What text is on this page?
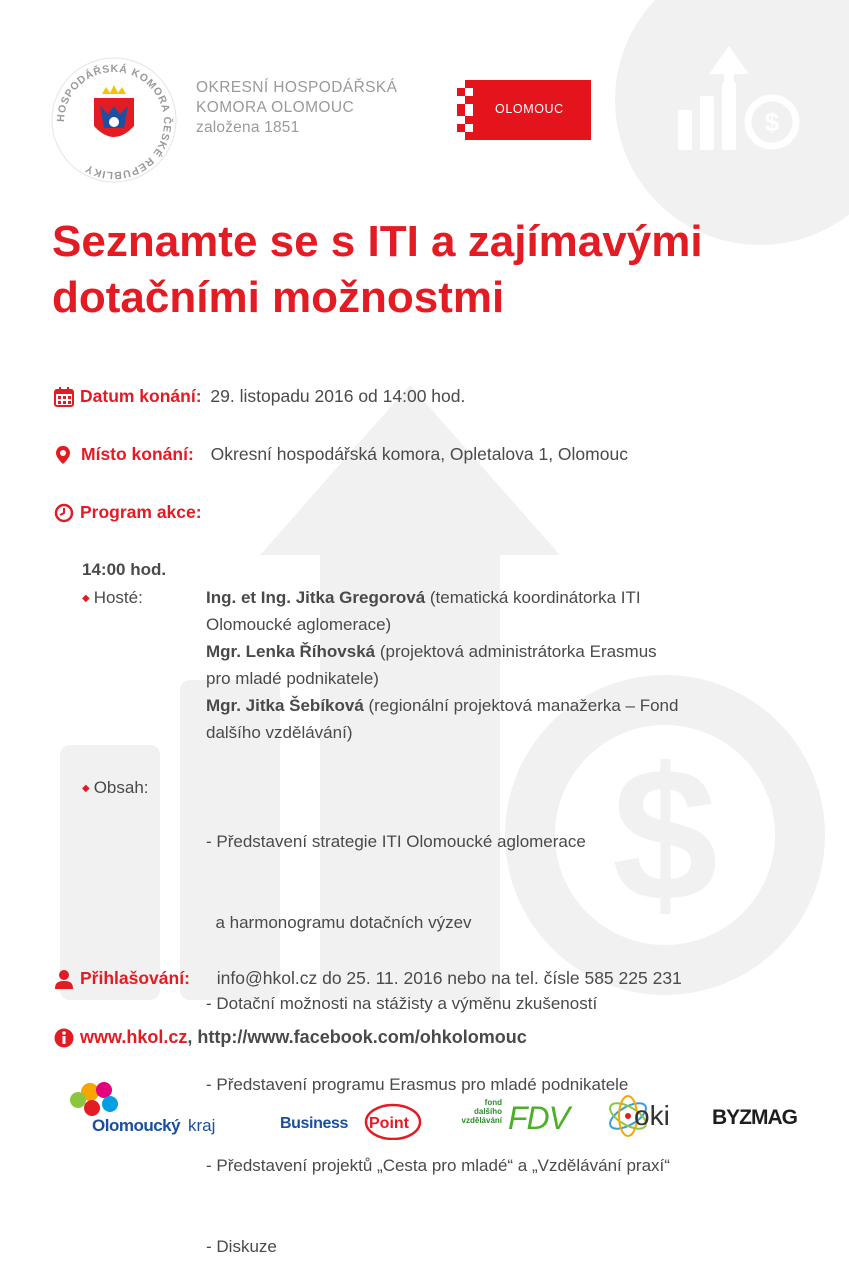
$
$
HOSPODÁŘSKÁ KOMORA ČESKÉ REPUBLIKY
OKRESNÍ HOSPODÁŘSKÁ
KOMORA OLOMOUC
založena 1851
OLOMOUC
Seznamte se s ITI a zajímavými
dotačními možnostmi
Datum konání: 29. listopadu 2016 od 14:00 hod.
Místo konání: Okresní hospodářská komora, Opletalova 1, Olomouc
Program akce:
14:00 hod.
◆ Hosté:	Ing. et Ing. Jitka Gregorová (tematická koordinátorka ITI
Olomoucké aglomerace)
Mgr. Lenka Říhovská (projektová administrátorka Erasmus
pro mladé podnikatele)
Mgr. Jitka Šebíková (regionální projektová manažerka – Fond
dalšího vzdělávání)
◆ Obsah:

- Představení strategie ITI Olomoucké aglomerace

a harmonogramu dotačních výzev

- Dotační možnosti na stážisty a výměnu zkušeností

- Představení programu Erasmus pro mladé podnikatele

- Představení projektů „Cesta pro mladé“ a „Vzdělávání praxí“

- Diskuze

Přihlašování: info@hkol.cz do 25. 11. 2016 nebo na tel. čísle 585 225 231
www.hkol.cz, http://www.facebook.com/ohkolomouc
Olomoucký kraj	Business Point
fond
dalšího
vzdělávání FDV oki BYZMAG
